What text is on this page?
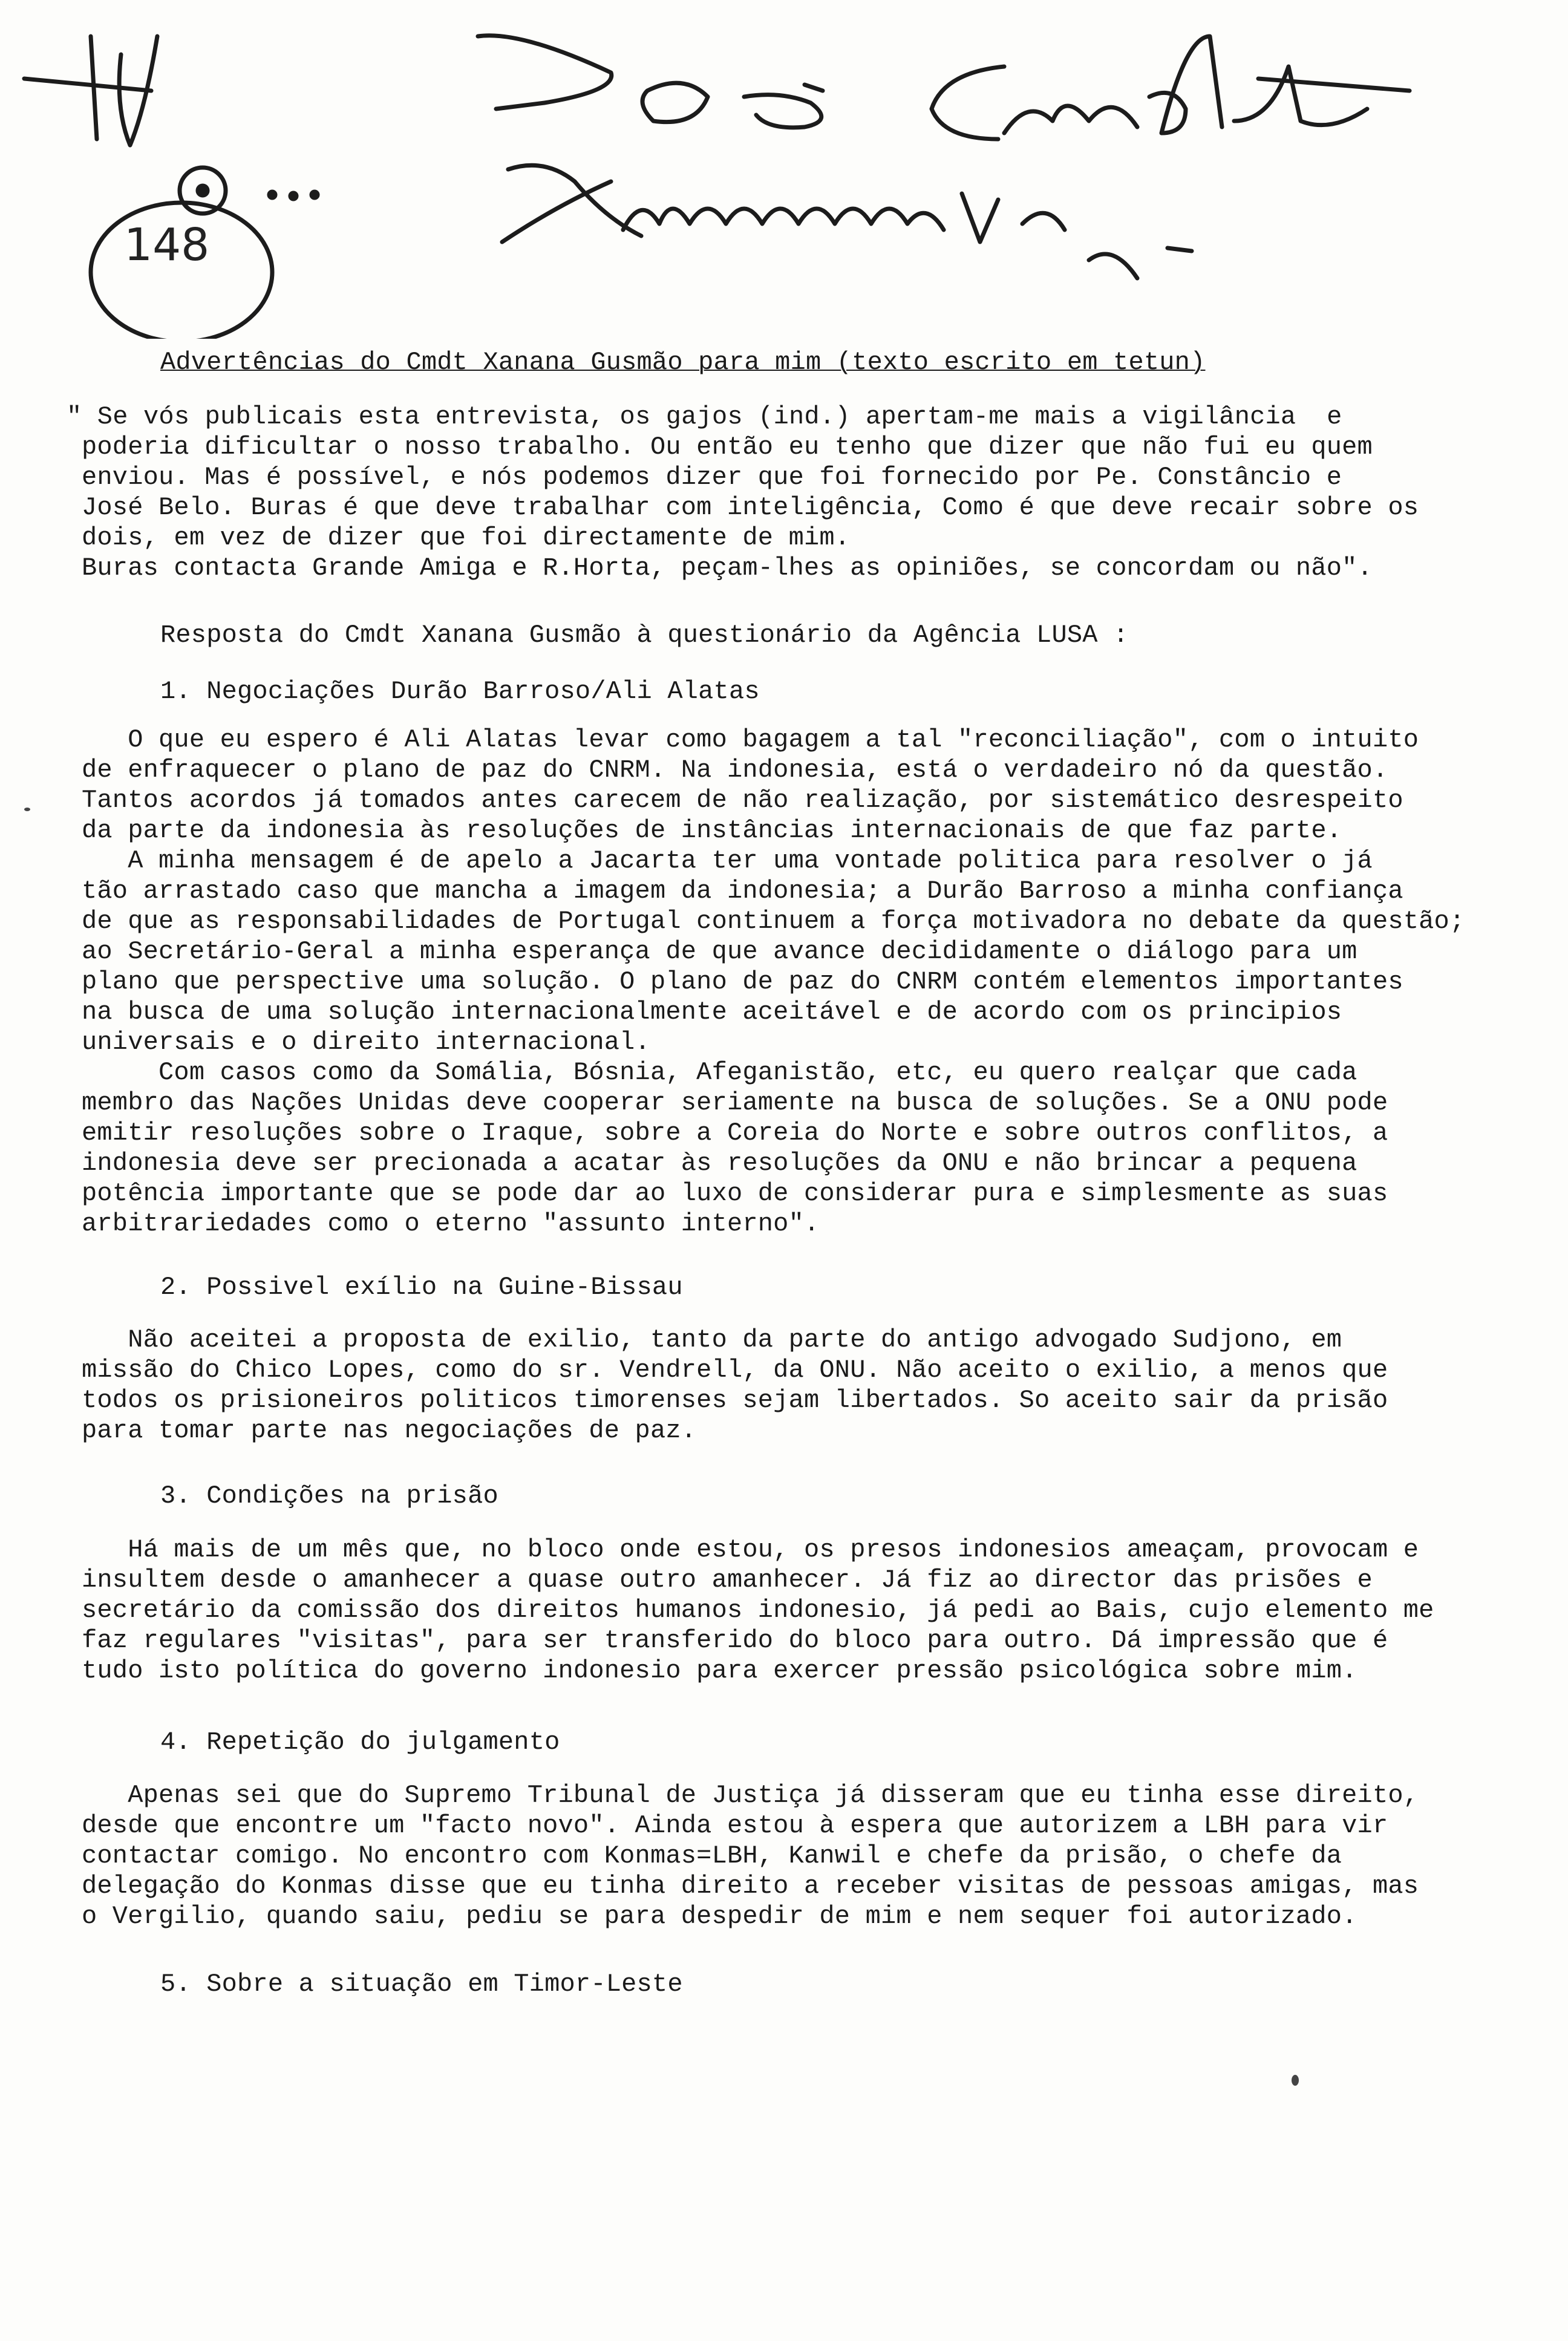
148
Advertências do Cmdt Xanana Gusmão para mim (texto escrito em tetun)
" Se vós publicais esta entrevista, os gajos (ind.) apertam-me mais a vigilância  e
poderia dificultar o nosso trabalho. Ou então eu tenho que dizer que não fui eu quem
enviou. Mas é possível, e nós podemos dizer que foi fornecido por Pe. Constâncio e
José Belo. Buras é que deve trabalhar com inteligência, Como é que deve recair sobre os
dois, em vez de dizer que foi directamente de mim.
Buras contacta Grande Amiga e R.Horta, peçam-lhes as opiniões, se concordam ou não".
Resposta do Cmdt Xanana Gusmão à questionário da Agência LUSA :
1. Negociações Durão Barroso/Ali Alatas
O que eu espero é Ali Alatas levar como bagagem a tal "reconciliação", com o intuito
de enfraquecer o plano de paz do CNRM. Na indonesia, está o verdadeiro nó da questão.
Tantos acordos já tomados antes carecem de não realização, por sistemático desrespeito
da parte da indonesia às resoluções de instâncias internacionais de que faz parte.
A minha mensagem é de apelo a Jacarta ter uma vontade politica para resolver o já
tão arrastado caso que mancha a imagem da indonesia; a Durão Barroso a minha confiança
de que as responsabilidades de Portugal continuem a força motivadora no debate da questão;
ao Secretário-Geral a minha esperança de que avance decididamente o diálogo para um
plano que perspective uma solução. O plano de paz do CNRM contém elementos importantes
na busca de uma solução internacionalmente aceitável e de acordo com os principios
universais e o direito internacional.
Com casos como da Somália, Bósnia, Afeganistão, etc, eu quero realçar que cada
membro das Nações Unidas deve cooperar seriamente na busca de soluções. Se a ONU pode
emitir resoluções sobre o Iraque, sobre a Coreia do Norte e sobre outros conflitos, a
indonesia deve ser precionada a acatar às resoluções da ONU e não brincar a pequena
potência importante que se pode dar ao luxo de considerar pura e simplesmente as suas
arbitrariedades como o eterno "assunto interno".
2. Possivel exílio na Guine-Bissau
Não aceitei a proposta de exilio, tanto da parte do antigo advogado Sudjono, em
missão do Chico Lopes, como do sr. Vendrell, da ONU. Não aceito o exilio, a menos que
todos os prisioneiros politicos timorenses sejam libertados. So aceito sair da prisão
para tomar parte nas negociações de paz.
3. Condições na prisão
Há mais de um mês que, no bloco onde estou, os presos indonesios ameaçam, provocam e
insultem desde o amanhecer a quase outro amanhecer. Já fiz ao director das prisões e
secretário da comissão dos direitos humanos indonesio, já pedi ao Bais, cujo elemento me
faz regulares "visitas", para ser transferido do bloco para outro. Dá impressão que é
tudo isto política do governo indonesio para exercer pressão psicológica sobre mim.
4. Repetição do julgamento
Apenas sei que do Supremo Tribunal de Justiça já disseram que eu tinha esse direito,
desde que encontre um "facto novo". Ainda estou à espera que autorizem a LBH para vir
contactar comigo. No encontro com Konmas=LBH, Kanwil e chefe da prisão, o chefe da
delegação do Konmas disse que eu tinha direito a receber visitas de pessoas amigas, mas
o Vergilio, quando saiu, pediu se para despedir de mim e nem sequer foi autorizado.
5. Sobre a situação em Timor-Leste
